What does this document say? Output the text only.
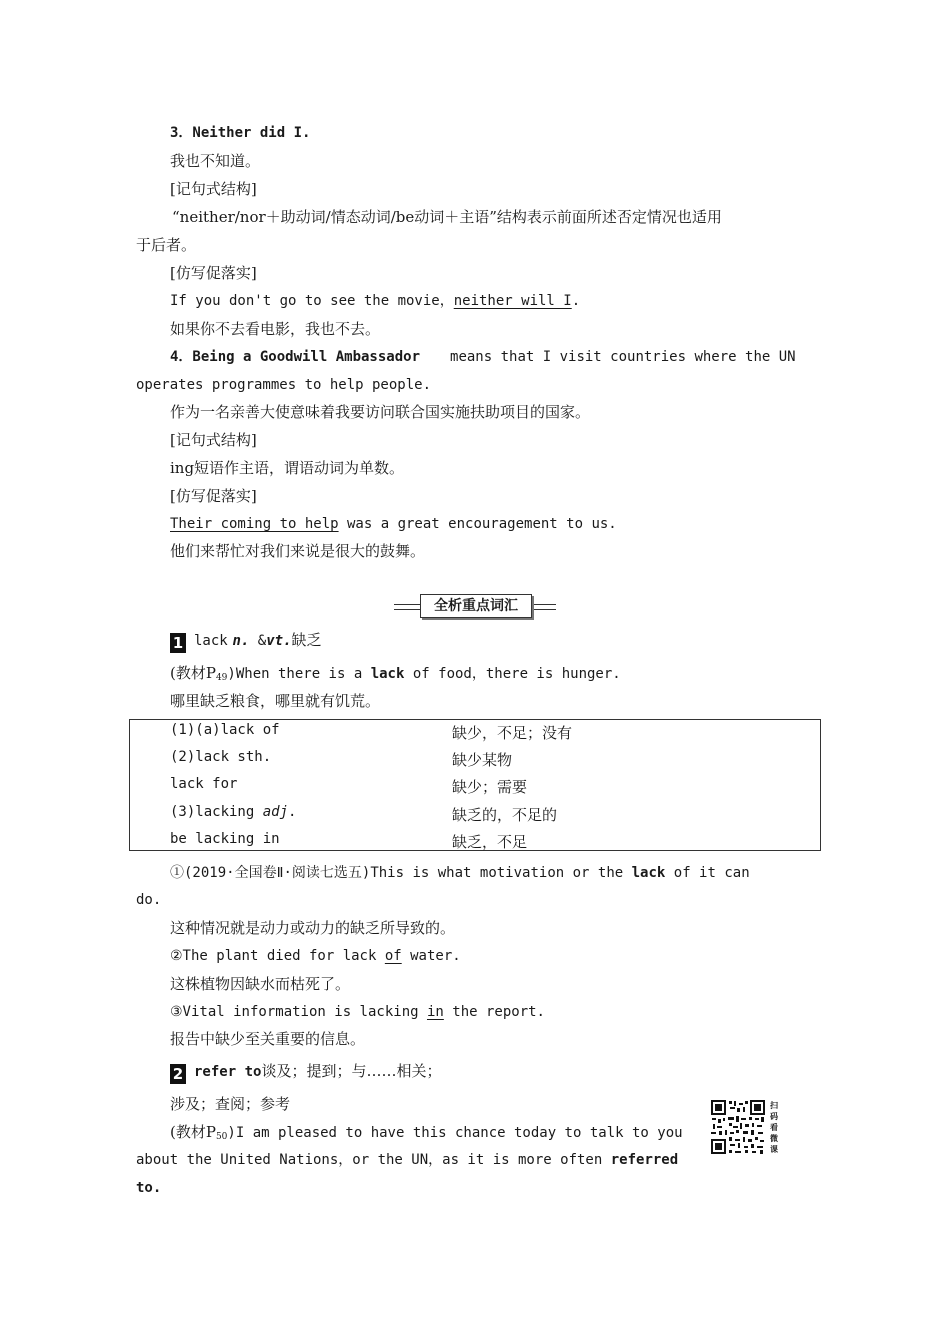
3．Neither did I.
我也不知道。
[记句式结构]
“neither/nor＋助动词/情态动词/be动词＋主语”结构表示前面所述否定情况也适用
于后者。
[仿写促落实]
If you don't go to see the movie，neither will I.
如果你不去看电影，我也不去。
4．Being a Goodwill Ambassador means that I visit countries where the UN
operates programmes to help people.
作为一名亲善大使意味着我要访问联合国实施扶助项目的国家。
[记句式结构]
ing短语作主语，谓语动词为单数。
[仿写促落实]
Their coming to help was a great encouragement to us.
他们来帮忙对我们来说是很大的鼓舞。
全析重点词汇
1 lack n. &vt.缺乏
(教材$P_{49})When$ there is a lack of food，there is hunger.
哪里缺乏粮食，哪里就有饥荒。
(1)(a)lack of	缺少，不足；没有
(2)lack sth.	缺少某物
lack for	缺少；需要
(3)lacking adj.	缺乏的，不足的
be lacking in	缺乏，不足
①(2019·全国卷Ⅱ·阅读七选五)This is what motivation or the lack of it can
do.
这种情况就是动力或动力的缺乏所导致的。
②The plant died for lack of water.
这株植物因缺水而枯死了。
③Vital information is lacking in the report.
报告中缺少至关重要的信息。
2 refer to谈及；提到；与……相关；
涉及；查阅；参考
(教材$P_{50})I$ am pleased to have this chance today to talk to you
about the United Nations，or the UN，as it is more often referred
to.
扫码看微课
